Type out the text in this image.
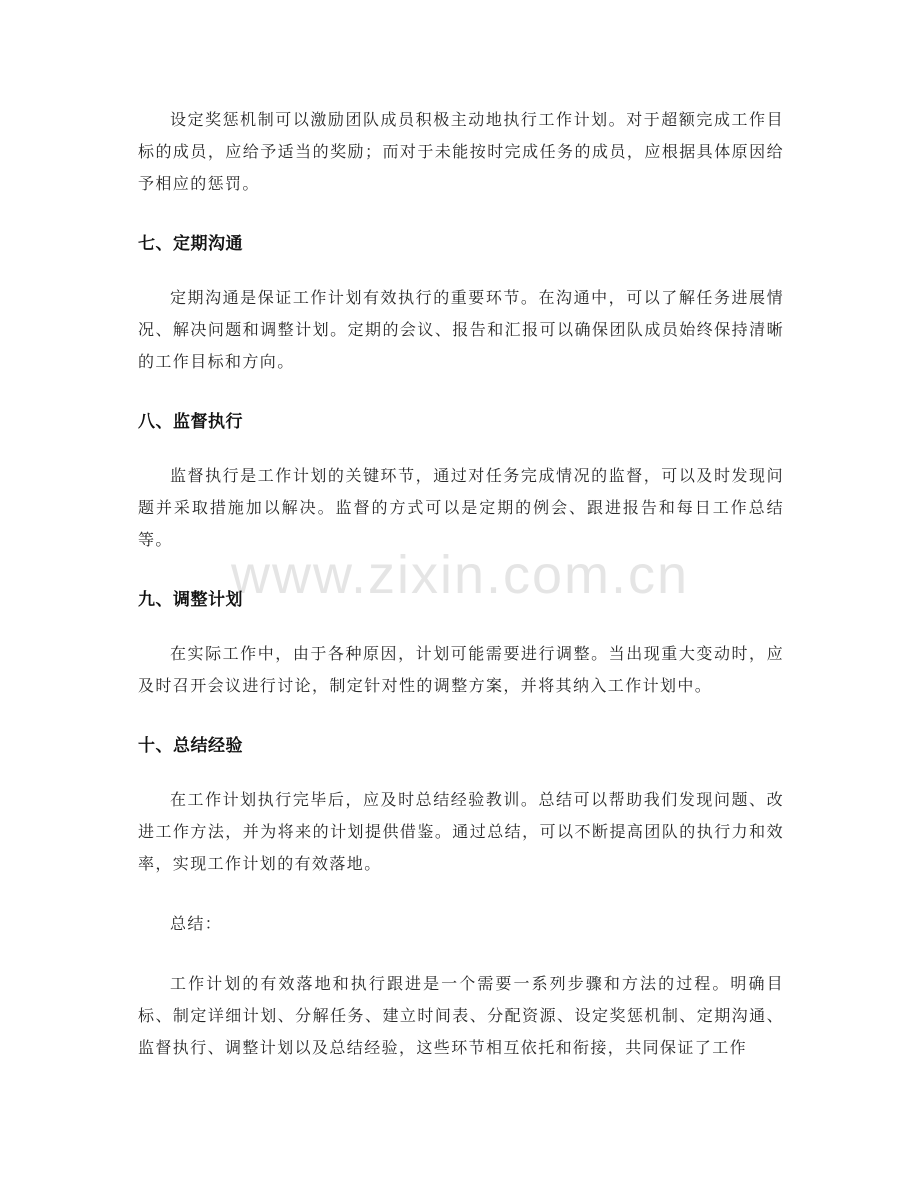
www.zixin.com.cn

设定奖惩机制可以激励团队成员积极主动地执行工作计划。对于超额完成工作目标的成员，应给予适当的奖励；而对于未能按时完成任务的成员，应根据具体原因给予相应的惩罚。

七、定期沟通

定期沟通是保证工作计划有效执行的重要环节。在沟通中，可以了解任务进展情况、解决问题和调整计划。定期的会议、报告和汇报可以确保团队成员始终保持清晰的工作目标和方向。

八、监督执行

监督执行是工作计划的关键环节，通过对任务完成情况的监督，可以及时发现问题并采取措施加以解决。监督的方式可以是定期的例会、跟进报告和每日工作总结等。

九、调整计划

在实际工作中，由于各种原因，计划可能需要进行调整。当出现重大变动时，应及时召开会议进行讨论，制定针对性的调整方案，并将其纳入工作计划中。

十、总结经验

在工作计划执行完毕后，应及时总结经验教训。总结可以帮助我们发现问题、改进工作方法，并为将来的计划提供借鉴。通过总结，可以不断提高团队的执行力和效率，实现工作计划的有效落地。

总结：

工作计划的有效落地和执行跟进是一个需要一系列步骤和方法的过程。明确目标、制定详细计划、分解任务、建立时间表、分配资源、设定奖惩机制、定期沟通、监督执行、调整计划以及总结经验，这些环节相互依托和衔接，共同保证了工作
